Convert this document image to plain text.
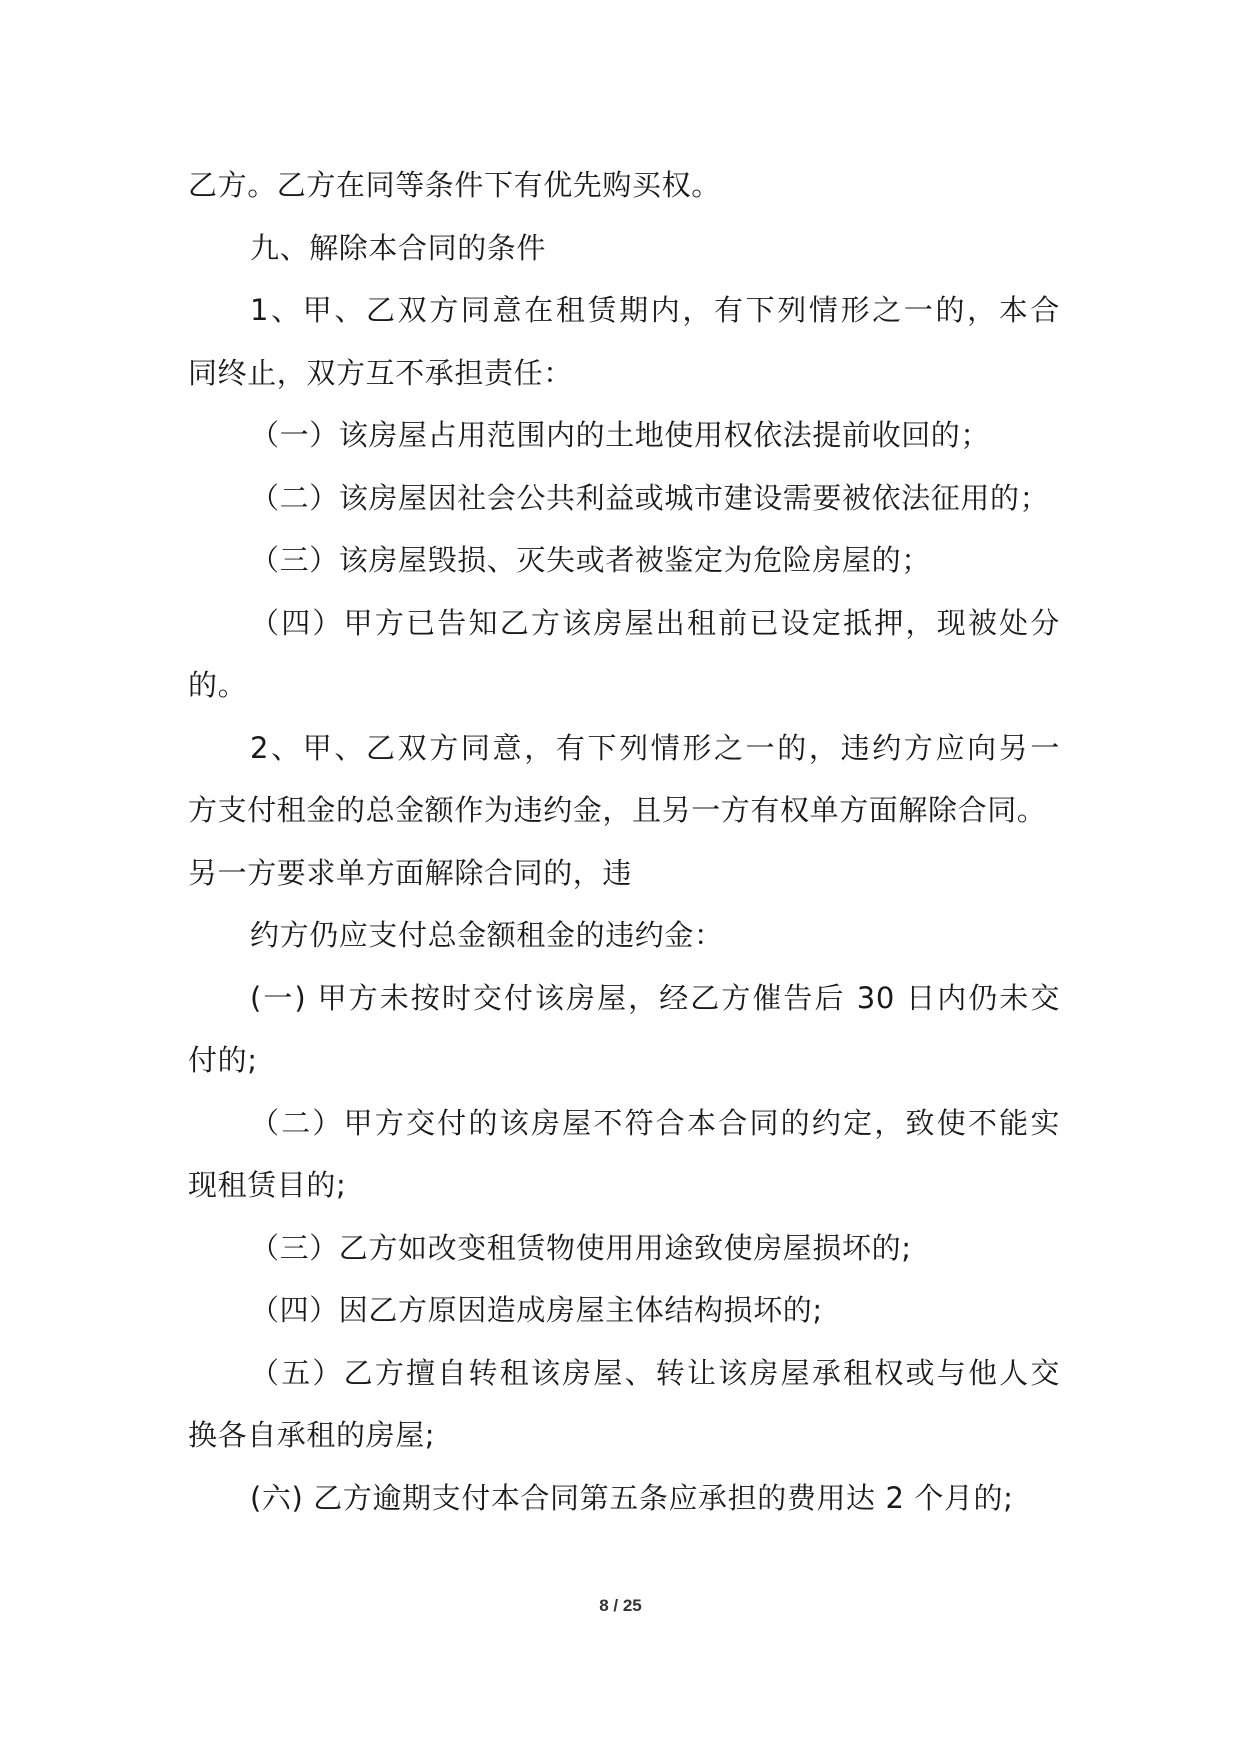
乙方。乙方在同等条件下有优先购买权。
九、解除本合同的条件
1、甲、乙双方同意在租赁期内，有下列情形之一的，本合
同终止，双方互不承担责任：
（一）该房屋占用范围内的土地使用权依法提前收回的；
（二）该房屋因社会公共利益或城市建设需要被依法征用的；
（三）该房屋毁损、灭失或者被鉴定为危险房屋的；
（四）甲方已告知乙方该房屋出租前已设定抵押，现被处分
的。
2、甲、乙双方同意，有下列情形之一的，违约方应向另一
方支付租金的总金额作为违约金，且另一方有权单方面解除合同。
另一方要求单方面解除合同的，违
约方仍应支付总金额租金的违约金：
(一) 甲方未按时交付该房屋，经乙方催告后 30 日内仍未交
付的;
（二）甲方交付的该房屋不符合本合同的约定，致使不能实
现租赁目的;
（三）乙方如改变租赁物使用用途致使房屋损坏的;
（四）因乙方原因造成房屋主体结构损坏的;
（五）乙方擅自转租该房屋、转让该房屋承租权或与他人交
换各自承租的房屋;
(六) 乙方逾期支付本合同第五条应承担的费用达 2 个月的;
8 / 25
